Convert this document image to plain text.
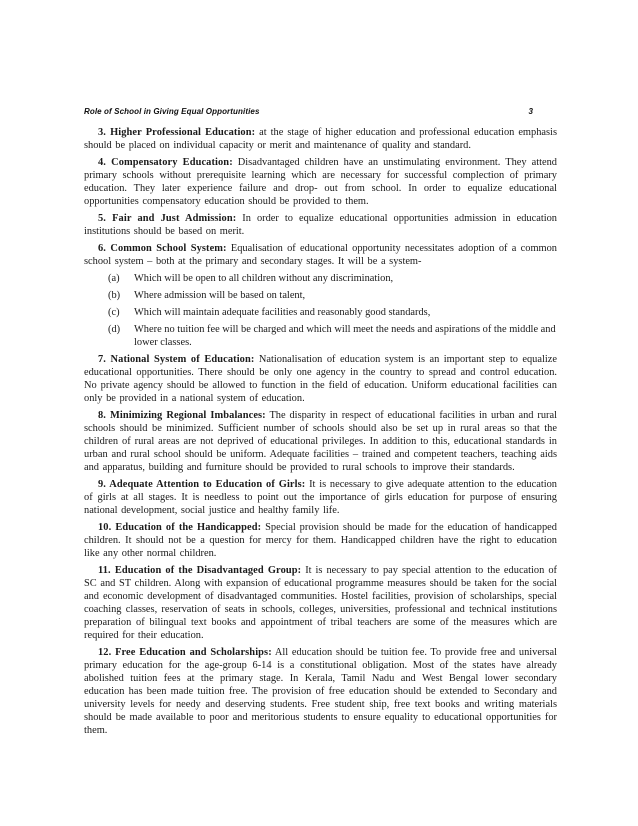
Role of School in Giving Equal Opportunities	3

3. Higher Professional Education: at the stage of higher education and professional education emphasis should be placed on individual capacity or merit and maintenance of quality and standard.

4. Compensatory Education: Disadvantaged children have an unstimulating environment. They attend primary schools without prerequisite learning which are necessary for successful complection of primary education. They later experience failure and drop- out from school. In order to equalize educational opportunities compensatory education should be provided to them.

5. Fair and Just Admission: In order to equalize educational opportunities admission in education institutions should be based on merit.

6. Common School System: Equalisation of educational opportunity necessitates adoption of a common school system – both at the primary and secondary stages. It will be a system-

(a)	Which will be open to all children without any discrimination,
(b)	Where admission will be based on talent,
(c)	Which will maintain adequate facilities and reasonably good standards,
(d)	Where no tuition fee will be charged and which will meet the needs and aspirations of the middle and lower classes.

7. National System of Education: Nationalisation of education system is an important step to equalize educational opportunities. There should be only one agency in the country to spread and control education. No private agency should be allowed to function in the field of education. Uniform educational facilities can only be provided in a national system of education.

8. Minimizing Regional Imbalances: The disparity in respect of educational facilities in urban and rural schools should be minimized. Sufficient number of schools should also be set up in rural areas so that the children of rural areas are not deprived of educational privileges. In addition to this, educational standards in urban and rural school should be uniform. Adequate facilities – trained and competent teachers, teaching aids and apparatus, building and furniture should be provided to rural schools to improve their standards.

9. Adequate Attention to Education of Girls: It is necessary to give adequate attention to the education of girls at all stages. It is needless to point out the importance of girls education for purpose of ensuring national development, social justice and healthy family life.

10. Education of the Handicapped: Special provision should be made for the education of handicapped children. It should not be a question for mercy for them. Handicapped children have the right to education like any other normal children.

11. Education of the Disadvantaged Group: It is necessary to pay special attention to the education of SC and ST children. Along with expansion of educational programme measures should be taken for the social and economic development of disadvantaged communities. Hostel facilities, provision of scholarships, special coaching classes, reservation of seats in schools, colleges, universities, professional and technical institutions preparation of bilingual text books and appointment of tribal teachers are some of the measures which are required for their education.

12. Free Education and Scholarships: All education should be tuition fee. To provide free and universal primary education for the age-group 6-14 is a constitutional obligation. Most of the states have already abolished tuition fees at the primary stage. In Kerala, Tamil Nadu and West Bengal lower secondary education has been made tuition free. The provision of free education should be extended to Secondary and university levels for needy and deserving students. Free student ship, free text books and writing materials should be made available to poor and meritorious students to ensure equality to educational opportunities for them.
